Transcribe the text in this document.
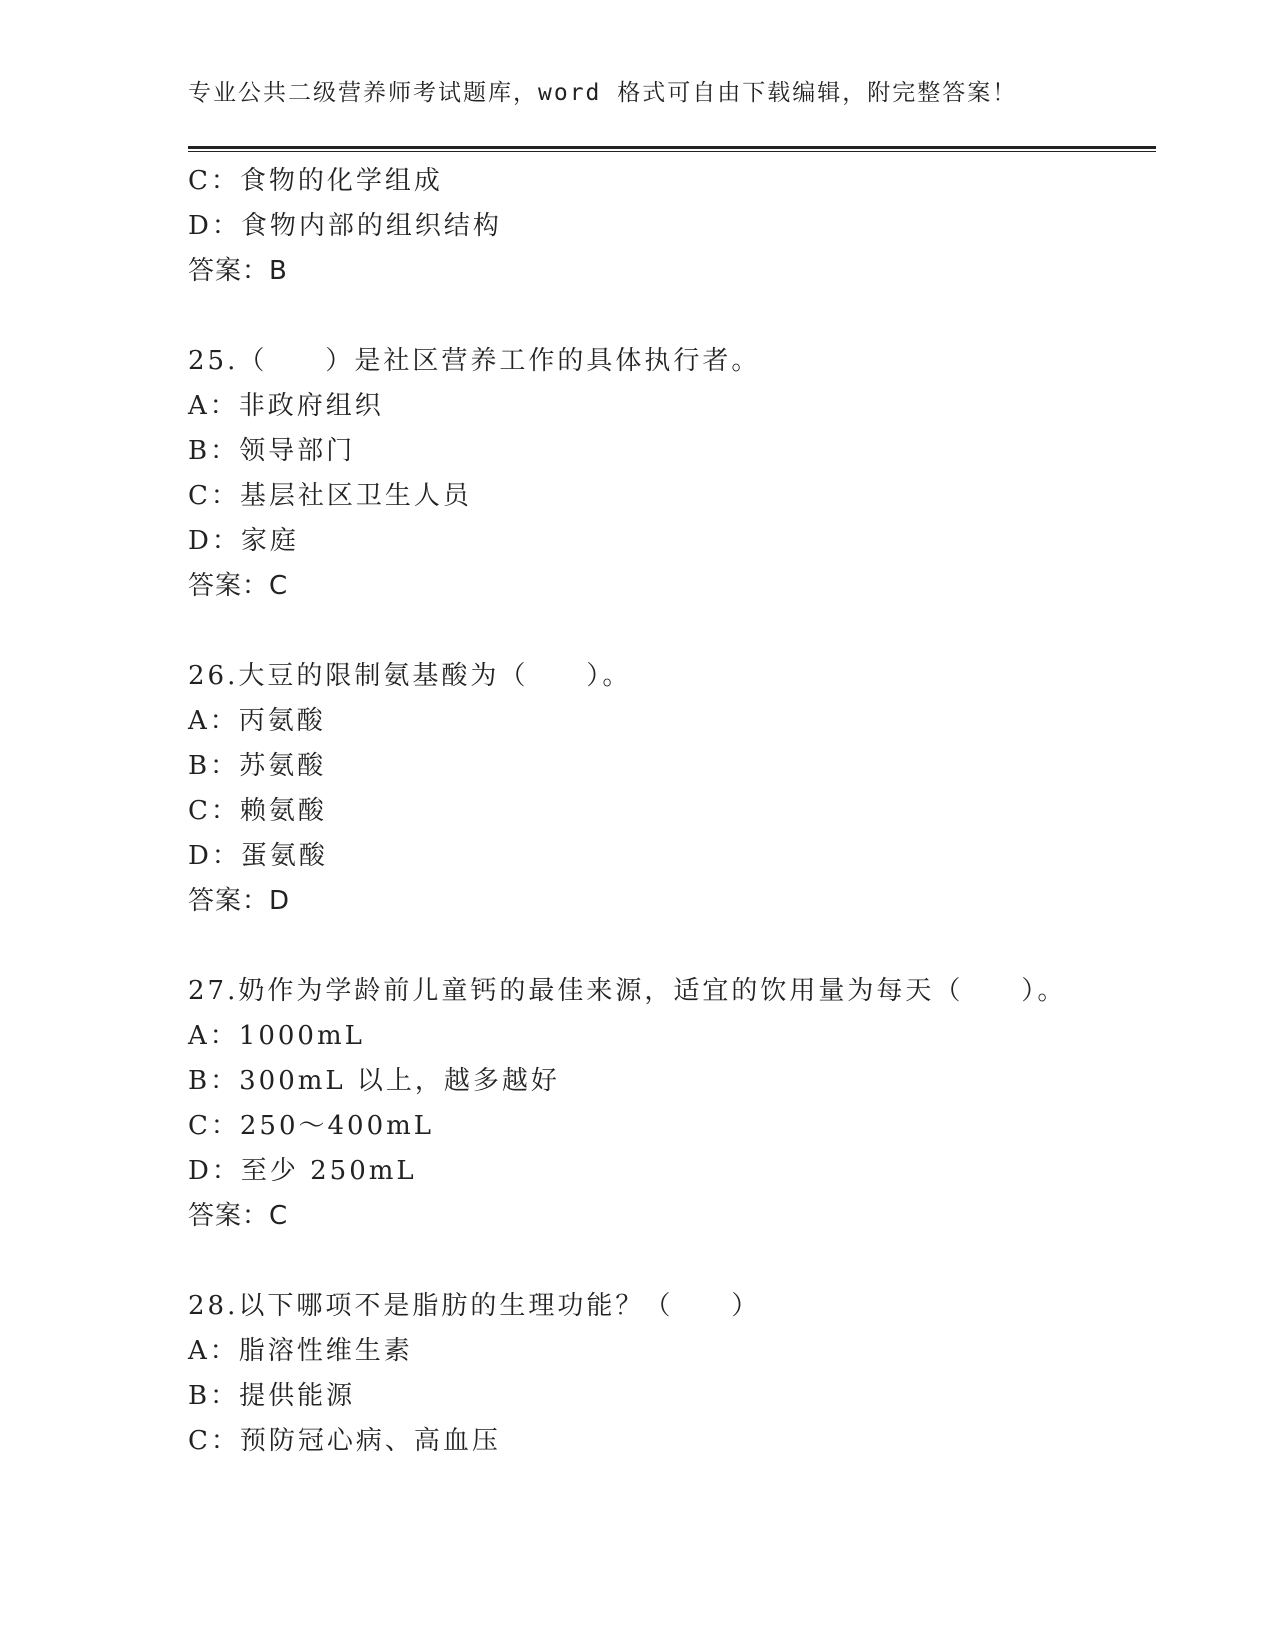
专业公共二级营养师考试题库，word 格式可自由下载编辑，附完整答案！
C：食物的化学组成
D：食物内部的组织结构
答案：B
25.（　　）是社区营养工作的具体执行者。
A：非政府组织
B：领导部门
C：基层社区卫生人员
D：家庭
答案：C
26.大豆的限制氨基酸为（　　）。
A：丙氨酸
B：苏氨酸
C：赖氨酸
D：蛋氨酸
答案：D
27.奶作为学龄前儿童钙的最佳来源，适宜的饮用量为每天（　　）。
A：1000mL
B：300mL 以上，越多越好
C：250～400mL
D：至少 250mL
答案：C
28.以下哪项不是脂肪的生理功能？（　　）
A：脂溶性维生素
B：提供能源
C：预防冠心病、高血压
